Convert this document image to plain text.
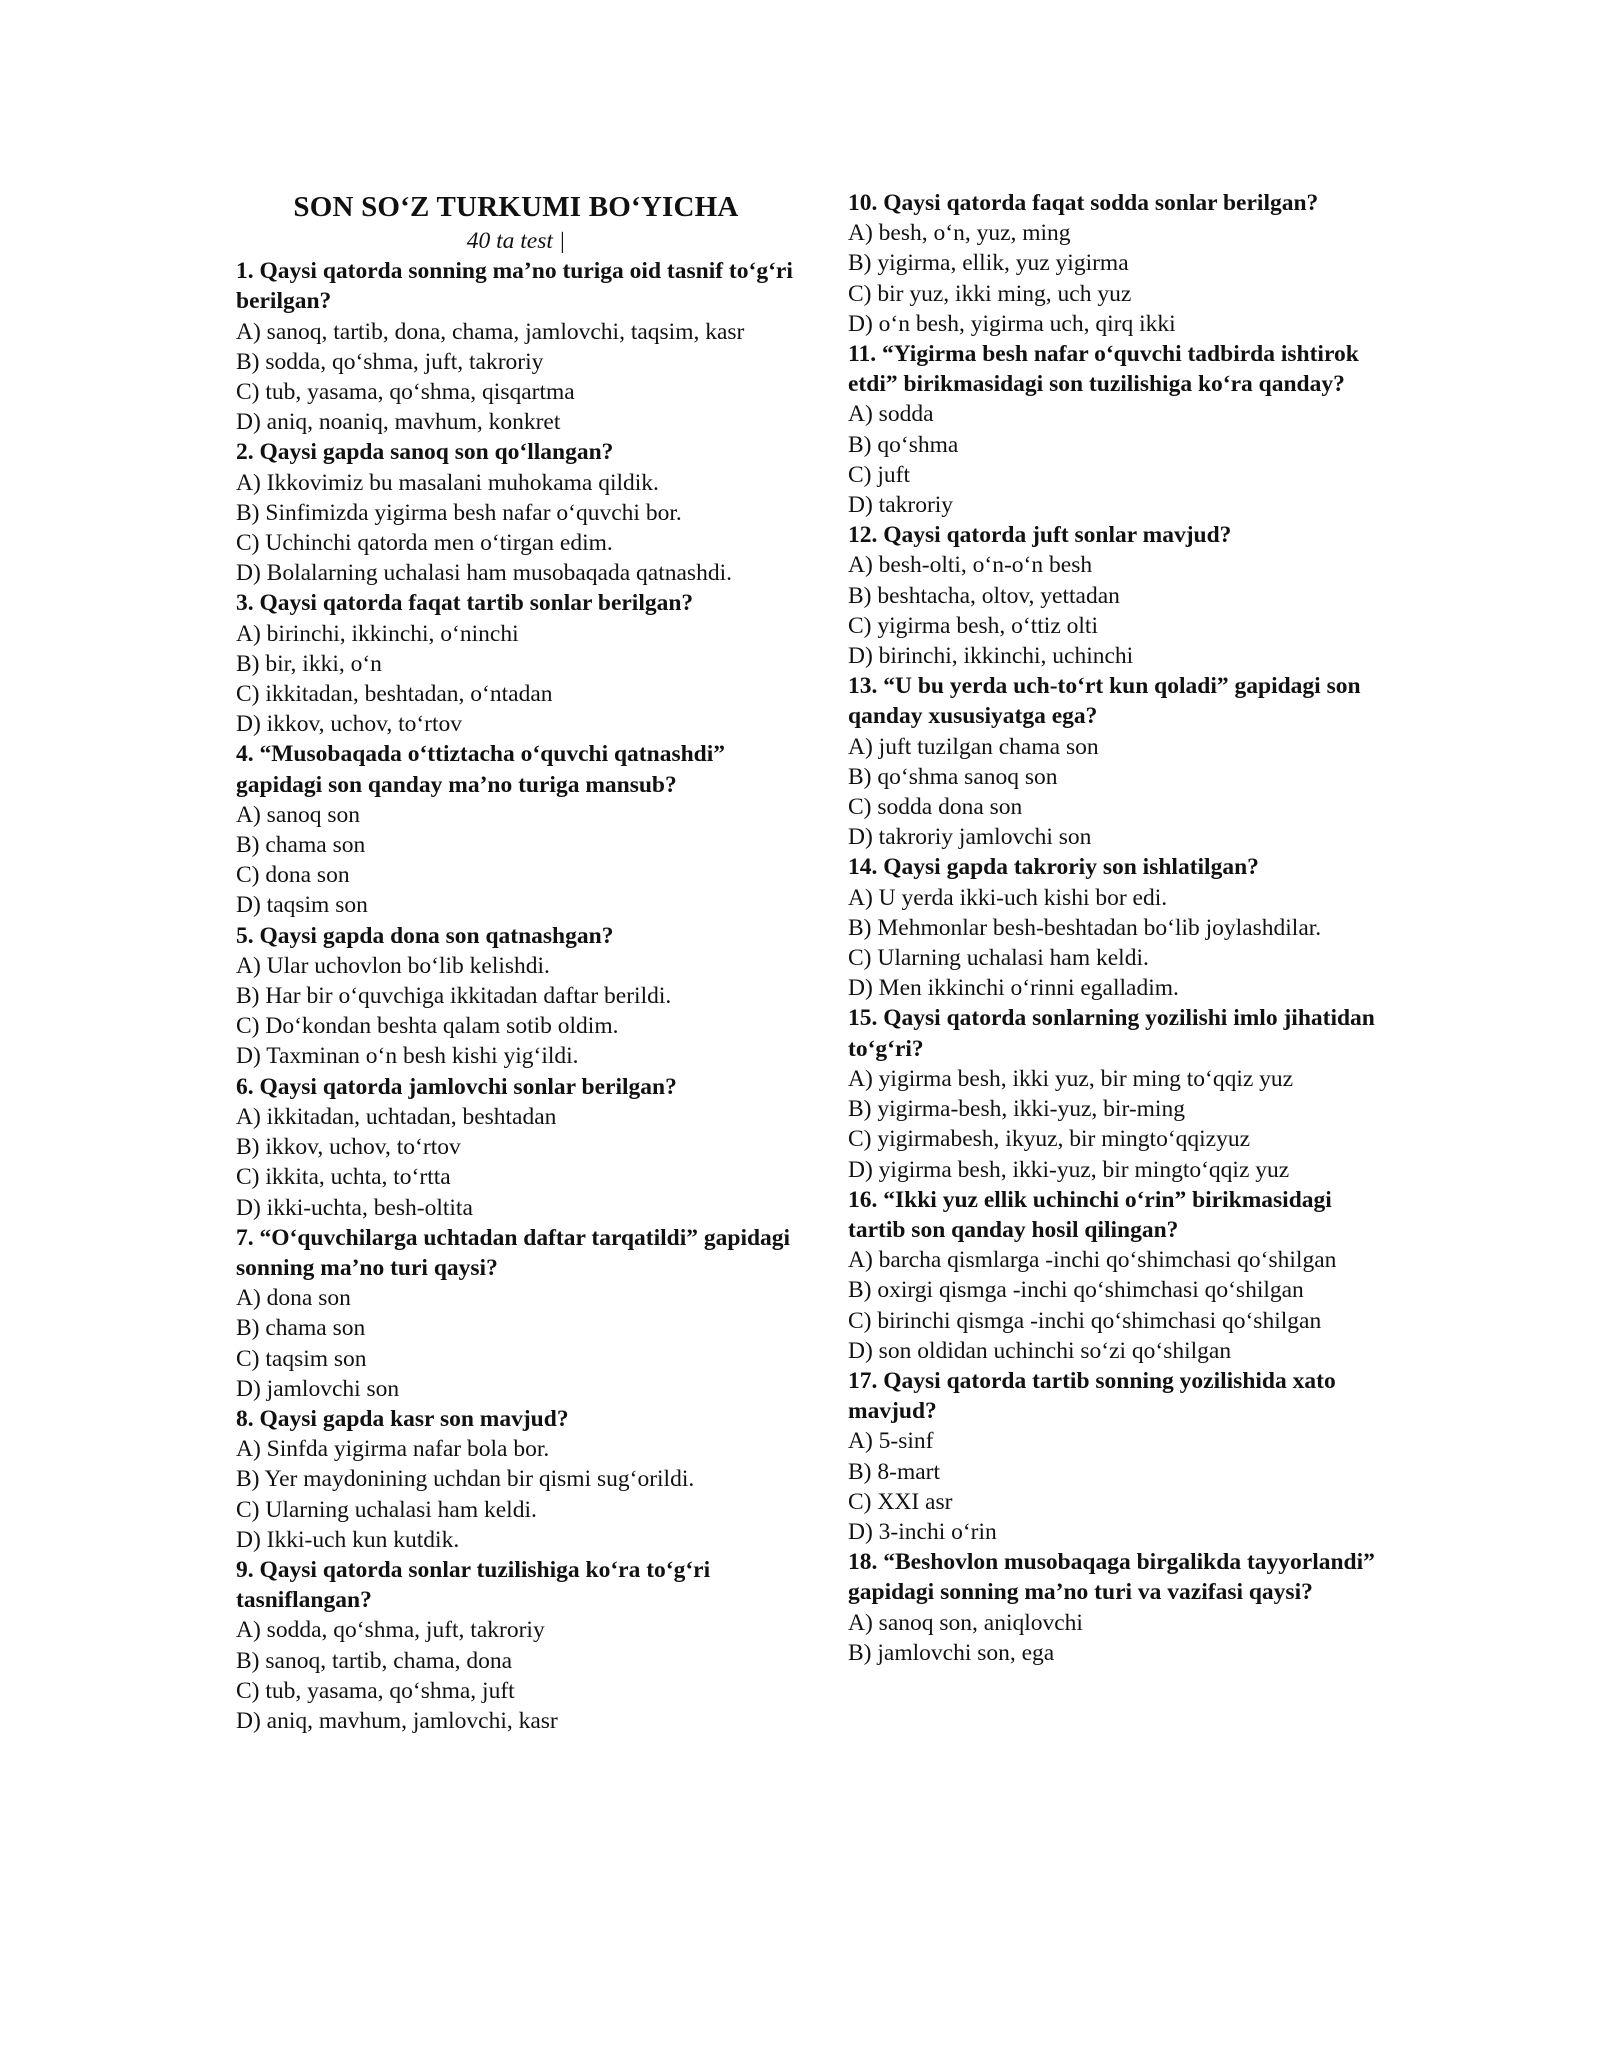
SON SO‘Z TURKUMI BO‘YICHA
40 ta test |
1. Qaysi qatorda sonning ma’no turiga oid tasnif to‘g‘ri berilgan?
A) sanoq, tartib, dona, chama, jamlovchi, taqsim, kasr
B) sodda, qo‘shma, juft, takroriy
C) tub, yasama, qo‘shma, qisqartma
D) aniq, noaniq, mavhum, konkret
2. Qaysi gapda sanoq son qo‘llangan?
A) Ikkovimiz bu masalani muhokama qildik.
B) Sinfimizda yigirma besh nafar o‘quvchi bor.
C) Uchinchi qatorda men o‘tirgan edim.
D) Bolalarning uchalasi ham musobaqada qatnashdi.
3. Qaysi qatorda faqat tartib sonlar berilgan?
A) birinchi, ikkinchi, o‘ninchi
B) bir, ikki, o‘n
C) ikkitadan, beshtadan, o‘ntadan
D) ikkov, uchov, to‘rtov
4. “Musobaqada o‘ttiztacha o‘quvchi qatnashdi” gapidagi son qanday ma’no turiga mansub?
A) sanoq son
B) chama son
C) dona son
D) taqsim son
5. Qaysi gapda dona son qatnashgan?
A) Ular uchovlon bo‘lib kelishdi.
B) Har bir o‘quvchiga ikkitadan daftar berildi.
C) Do‘kondan beshta qalam sotib oldim.
D) Taxminan o‘n besh kishi yig‘ildi.
6. Qaysi qatorda jamlovchi sonlar berilgan?
A) ikkitadan, uchtadan, beshtadan
B) ikkov, uchov, to‘rtov
C) ikkita, uchta, to‘rtta
D) ikki-uchta, besh-oltita
7. “O‘quvchilarga uchtadan daftar tarqatildi” gapidagi sonning ma’no turi qaysi?
A) dona son
B) chama son
C) taqsim son
D) jamlovchi son
8. Qaysi gapda kasr son mavjud?
A) Sinfda yigirma nafar bola bor.
B) Yer maydonining uchdan bir qismi sug‘orildi.
C) Ularning uchalasi ham keldi.
D) Ikki-uch kun kutdik.
9. Qaysi qatorda sonlar tuzilishiga ko‘ra to‘g‘ri tasniflangan?
A) sodda, qo‘shma, juft, takroriy
B) sanoq, tartib, chama, dona
C) tub, yasama, qo‘shma, juft
D) aniq, mavhum, jamlovchi, kasr
10. Qaysi qatorda faqat sodda sonlar berilgan?
A) besh, o‘n, yuz, ming
B) yigirma, ellik, yuz yigirma
C) bir yuz, ikki ming, uch yuz
D) o‘n besh, yigirma uch, qirq ikki
11. “Yigirma besh nafar o‘quvchi tadbirda ishtirok etdi” birikmasidagi son tuzilishiga ko‘ra qanday?
A) sodda
B) qo‘shma
C) juft
D) takroriy
12. Qaysi qatorda juft sonlar mavjud?
A) besh-olti, o‘n-o‘n besh
B) beshtacha, oltov, yettadan
C) yigirma besh, o‘ttiz olti
D) birinchi, ikkinchi, uchinchi
13. “U bu yerda uch-to‘rt kun qoladi” gapidagi son qanday xususiyatga ega?
A) juft tuzilgan chama son
B) qo‘shma sanoq son
C) sodda dona son
D) takroriy jamlovchi son
14. Qaysi gapda takroriy son ishlatilgan?
A) U yerda ikki-uch kishi bor edi.
B) Mehmonlar besh-beshtadan bo‘lib joylashdilar.
C) Ularning uchalasi ham keldi.
D) Men ikkinchi o‘rinni egalladim.
15. Qaysi qatorda sonlarning yozilishi imlo jihatidan to‘g‘ri?
A) yigirma besh, ikki yuz, bir ming to‘qqiz yuz
B) yigirma-besh, ikki-yuz, bir-ming
C) yigirmabesh, ikyuz, bir mingto‘qqizyuz
D) yigirma besh, ikki-yuz, bir mingto‘qqiz yuz
16. “Ikki yuz ellik uchinchi o‘rin” birikmasidagi tartib son qanday hosil qilingan?
A) barcha qismlarga -inchi qo‘shimchasi qo‘shilgan
B) oxirgi qismga -inchi qo‘shimchasi qo‘shilgan
C) birinchi qismga -inchi qo‘shimchasi qo‘shilgan
D) son oldidan uchinchi so‘zi qo‘shilgan
17. Qaysi qatorda tartib sonning yozilishida xato mavjud?
A) 5-sinf
B) 8-mart
C) XXI asr
D) 3-inchi o‘rin
18. “Beshovlon musobaqaga birgalikda tayyorlandi” gapidagi sonning ma’no turi va vazifasi qaysi?
A) sanoq son, aniqlovchi
B) jamlovchi son, ega
